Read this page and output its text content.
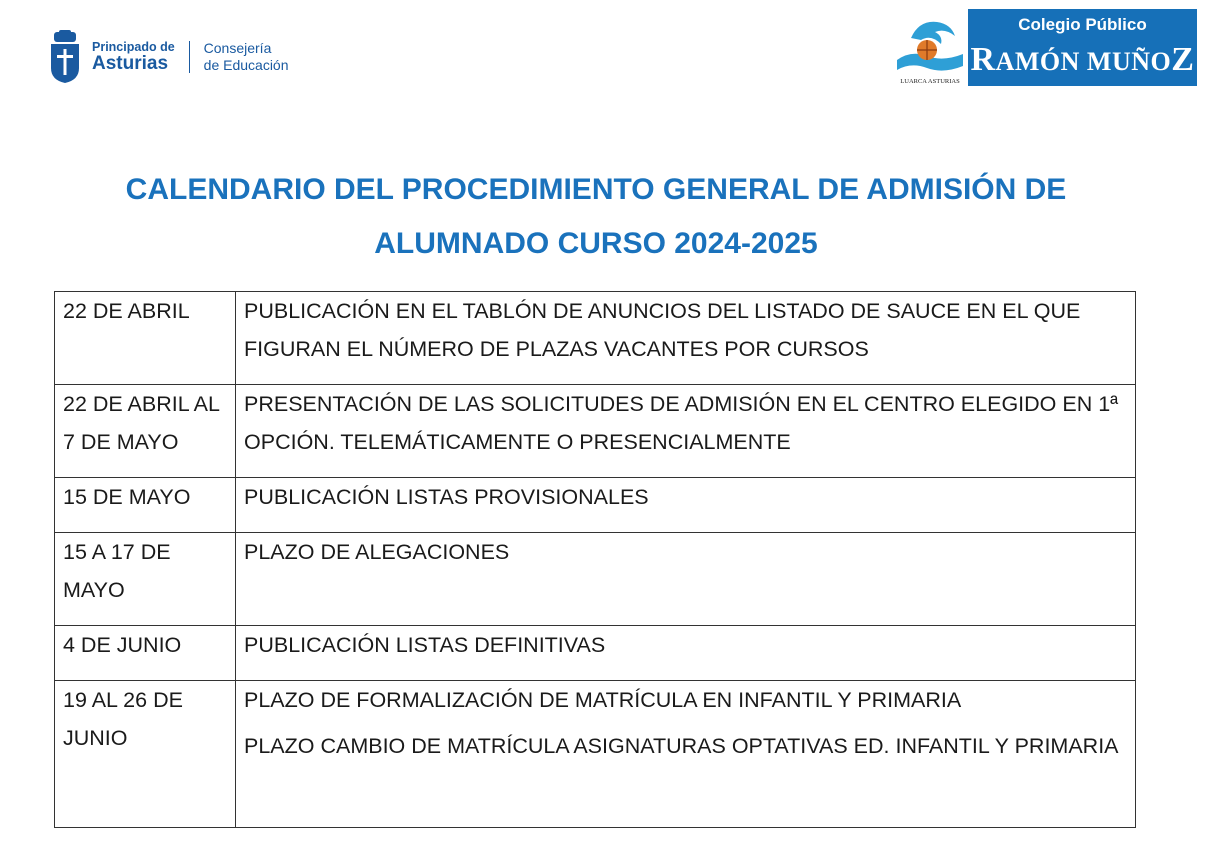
Principado de
Asturias
Consejería
de Educación
LUARCA ASTURIAS
Colegio Público
RAMÓN MUÑOZ
CALENDARIO DEL PROCEDIMIENTO GENERAL DE ADMISIÓN DE
ALUMNADO CURSO 2024-2025
22 DE ABRIL	PUBLICACIÓN EN EL TABLÓN DE ANUNCIOS DEL LISTADO DE SAUCE EN EL QUE FIGURAN EL NÚMERO DE PLAZAS VACANTES POR CURSOS
22 DE ABRIL AL 7 DE MAYO	PRESENTACIÓN DE LAS SOLICITUDES DE ADMISIÓN EN EL CENTRO ELEGIDO EN 1ª OPCIÓN. TELEMÁTICAMENTE O PRESENCIALMENTE
15 DE MAYO	PUBLICACIÓN LISTAS PROVISIONALES
15 A 17 DE MAYO	PLAZO DE ALEGACIONES
4 DE JUNIO	PUBLICACIÓN LISTAS DEFINITIVAS
19 AL 26 DE JUNIO	PLAZO DE FORMALIZACIÓN DE MATRÍCULA EN INFANTIL Y PRIMARIA
PLAZO CAMBIO DE MATRÍCULA ASIGNATURAS OPTATIVAS ED. INFANTIL Y PRIMARIA
